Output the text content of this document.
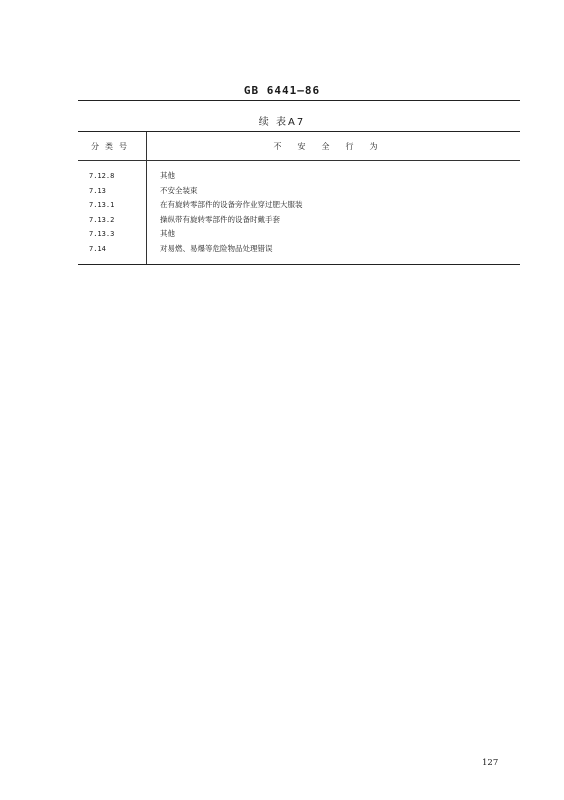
GB 6441—86
续 表A7
分类号	不安全行为
7.12.8
7.13
7.13.1
7.13.2
7.13.3
7.14
其他
不安全装束
在有旋转零部件的设备旁作业穿过肥大服装
操纵带有旋转零部件的设备时戴手套
其他
对易燃、易爆等危险物品处理错误
127
